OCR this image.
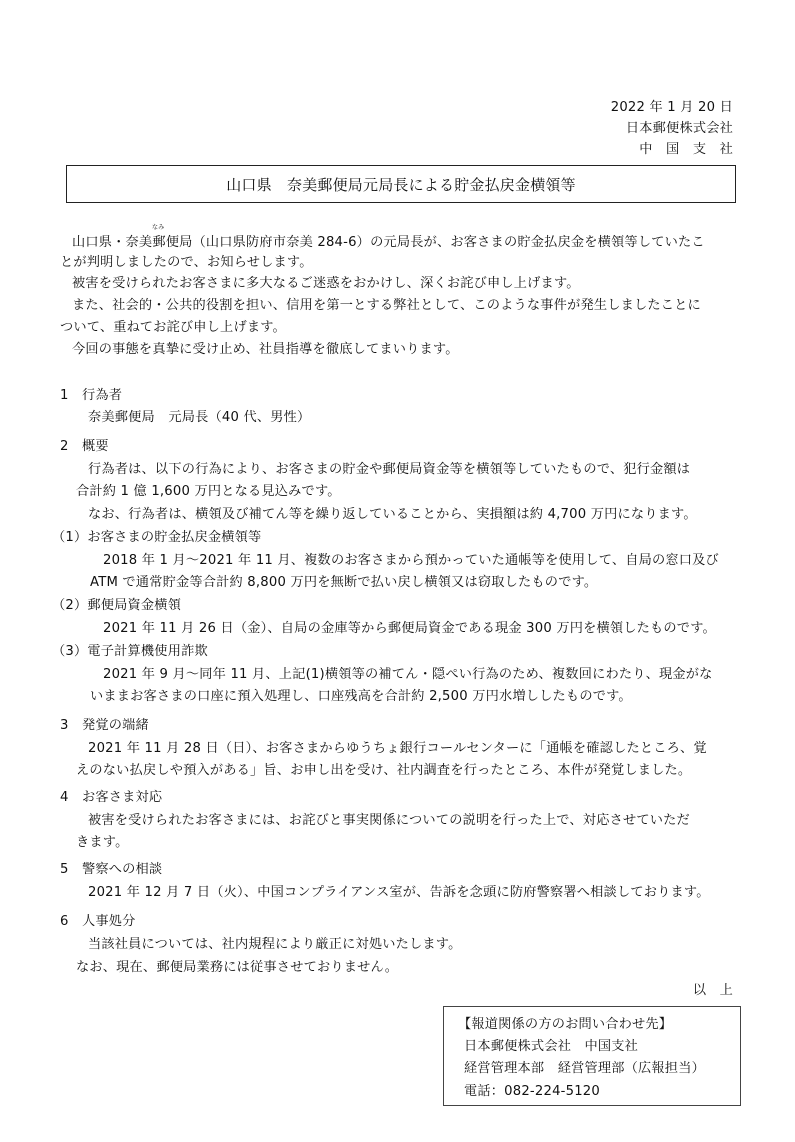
2022 年 1 月 20 日
日本郵便株式会社
中　国　支　社
山口県　奈美郵便局元局長による貯金払戻金横領等
なみ
山口県・奈美郵便局（山口県防府市奈美 284-6）の元局長が、お客さまの貯金払戻金を横領等していたこ
とが判明しましたので、お知らせします。
被害を受けられたお客さまに多大なるご迷惑をおかけし、深くお詫び申し上げます。
また、社会的・公共的役割を担い、信用を第一とする弊社として、このような事件が発生しましたことに
ついて、重ねてお詫び申し上げます。
今回の事態を真摯に受け止め、社員指導を徹底してまいります。
1　行為者
奈美郵便局　元局長（40 代、男性）
2　概要
行為者は、以下の行為により、お客さまの貯金や郵便局資金等を横領等していたもので、犯行金額は
合計約 1 億 1,600 万円となる見込みです。
なお、行為者は、横領及び補てん等を繰り返していることから、実損額は約 4,700 万円になります。
（1）お客さまの貯金払戻金横領等
2018 年 1 月～2021 年 11 月、複数のお客さまから預かっていた通帳等を使用して、自局の窓口及び
ATM で通常貯金等合計約 8,800 万円を無断で払い戻し横領又は窃取したものです。
（2）郵便局資金横領
2021 年 11 月 26 日（金）、自局の金庫等から郵便局資金である現金 300 万円を横領したものです。
（3）電子計算機使用詐欺
2021 年 9 月～同年 11 月、上記(1)横領等の補てん・隠ぺい行為のため、複数回にわたり、現金がな
いままお客さまの口座に預入処理し、口座残高を合計約 2,500 万円水増ししたものです。
3　発覚の端緒
2021 年 11 月 28 日（日）、お客さまからゆうちょ銀行コールセンターに「通帳を確認したところ、覚
えのない払戻しや預入がある」旨、お申し出を受け、社内調査を行ったところ、本件が発覚しました。
4　お客さま対応
被害を受けられたお客さまには、お詫びと事実関係についての説明を行った上で、対応させていただ
きます。
5　警察への相談
2021 年 12 月 7 日（火）、中国コンプライアンス室が、告訴を念頭に防府警察署へ相談しております。
6　人事処分
当該社員については、社内規程により厳正に対処いたします。
なお、現在、郵便局業務には従事させておりません。
以　上
【報道関係の方のお問い合わせ先】
日本郵便株式会社　中国支社
経営管理本部　経営管理部（広報担当）
電話：082-224-5120
